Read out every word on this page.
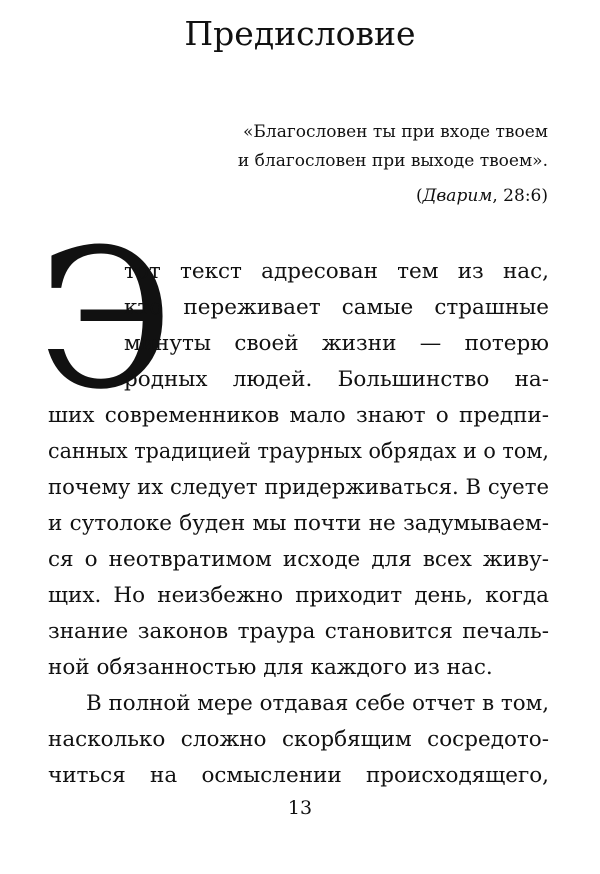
Предисловие
«Благословен ты при входе твоем
и благословен при выходе твоем».
(Дварим, 28:6)
Э
тот текст адресован тем из нас,
кто переживает самые страшные
минуты своей жизни — потерю
родных людей. Большинство на-
ших современников мало знают о предпи-
санных традицией траурных обрядах и о том,
почему их следует придерживаться. В суете
и сутолоке буден мы почти не задумываем-
ся о неотвратимом исходе для всех живу-
щих. Но неизбежно приходит день, когда
знание законов траура становится печаль-
ной обязанностью для каждого из нас.
В полной мере отдавая себе отчет в том,
насколько сложно скорбящим сосредото-
читься на осмыслении происходящего,
13
